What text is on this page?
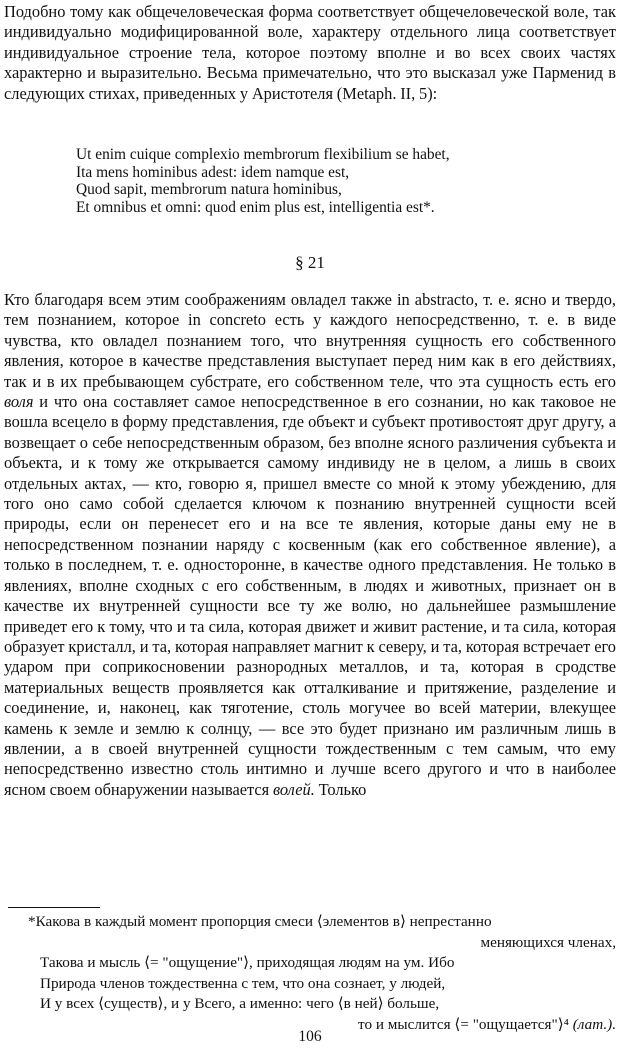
Подобно тому как общечеловеческая форма соответствует общечеловеческой воле, так индивидуально модифицированной воле, характеру отдельного лица соответствует индивидуальное строение тела, которое поэтому вполне и во всех своих частях характерно и выразительно. Весьма примечательно, что это высказал уже Парменид в следующих стихах, приведенных у Аристотеля (Metaph. II, 5):

Ut enim cuique complexio membrorum flexibilium se habet,
Ita mens hominibus adest: idem namque est,
Quod sapit, membrorum natura hominibus,
Et omnibus et omni: quod enim plus est, intelligentia est*.
§ 21

Кто благодаря всем этим соображениям овладел также in abstracto, т. е. ясно и твердо, тем познанием, которое in concreto есть у каждого непосредственно, т. е. в виде чувства, кто овладел познанием того, что внутренняя сущность его собственного явления, которое в качестве представления выступает перед ним как в его действиях, так и в их пребывающем субстрате, его собственном теле, что эта сущность есть его воля и что она составляет самое непосредственное в его сознании, но как таковое не вошла всецело в форму представления, где объект и субъект противостоят друг другу, а возвещает о себе непосредственным образом, без вполне ясного различения субъекта и объекта, и к тому же открывается самому индивиду не в целом, а лишь в своих отдельных актах, — кто, говорю я, пришел вместе со мной к этому убеждению, для того оно само собой сделается ключом к познанию внутренней сущности всей природы, если он перенесет его и на все те явления, которые даны ему не в непосредственном познании наряду с косвенным (как его собственное явление), а только в последнем, т. е. односторонне, в качестве одного представления. Не только в явлениях, вполне сходных с его собственным, в людях и животных, признает он в качестве их внутренней сущности все ту же волю, но дальнейшее размышление приведет его к тому, что и та сила, которая движет и живит растение, и та сила, которая образует кристалл, и та, которая направляет магнит к северу, и та, которая встречает его ударом при соприкосновении разнородных металлов, и та, которая в сродстве материальных веществ проявляется как отталкивание и притяжение, разделение и соединение, и, наконец, как тяготение, столь могучее во всей материи, влекущее камень к земле и землю к солнцу, — все это будет признано им различным лишь в явлении, а в своей внутренней сущности тождественным с тем самым, что ему непосредственно известно столь интимно и лучше всего другого и что в наиболее ясном своем обнаружении называется волей. Только

*Какова в каждый момент пропорция смеси ⟨элементов в⟩ непрестанно
меняющихся членах,
Такова и мысль ⟨= "ощущение"⟩, приходящая людям на ум. Ибо
Природа членов тождественна с тем, что она сознает, у людей,
И у всех ⟨существ⟩, и у Всего, а именно: чего ⟨в ней⟩ больше,
то и мыслится ⟨= "ощущается"⟩⁴ (лат.).
106
